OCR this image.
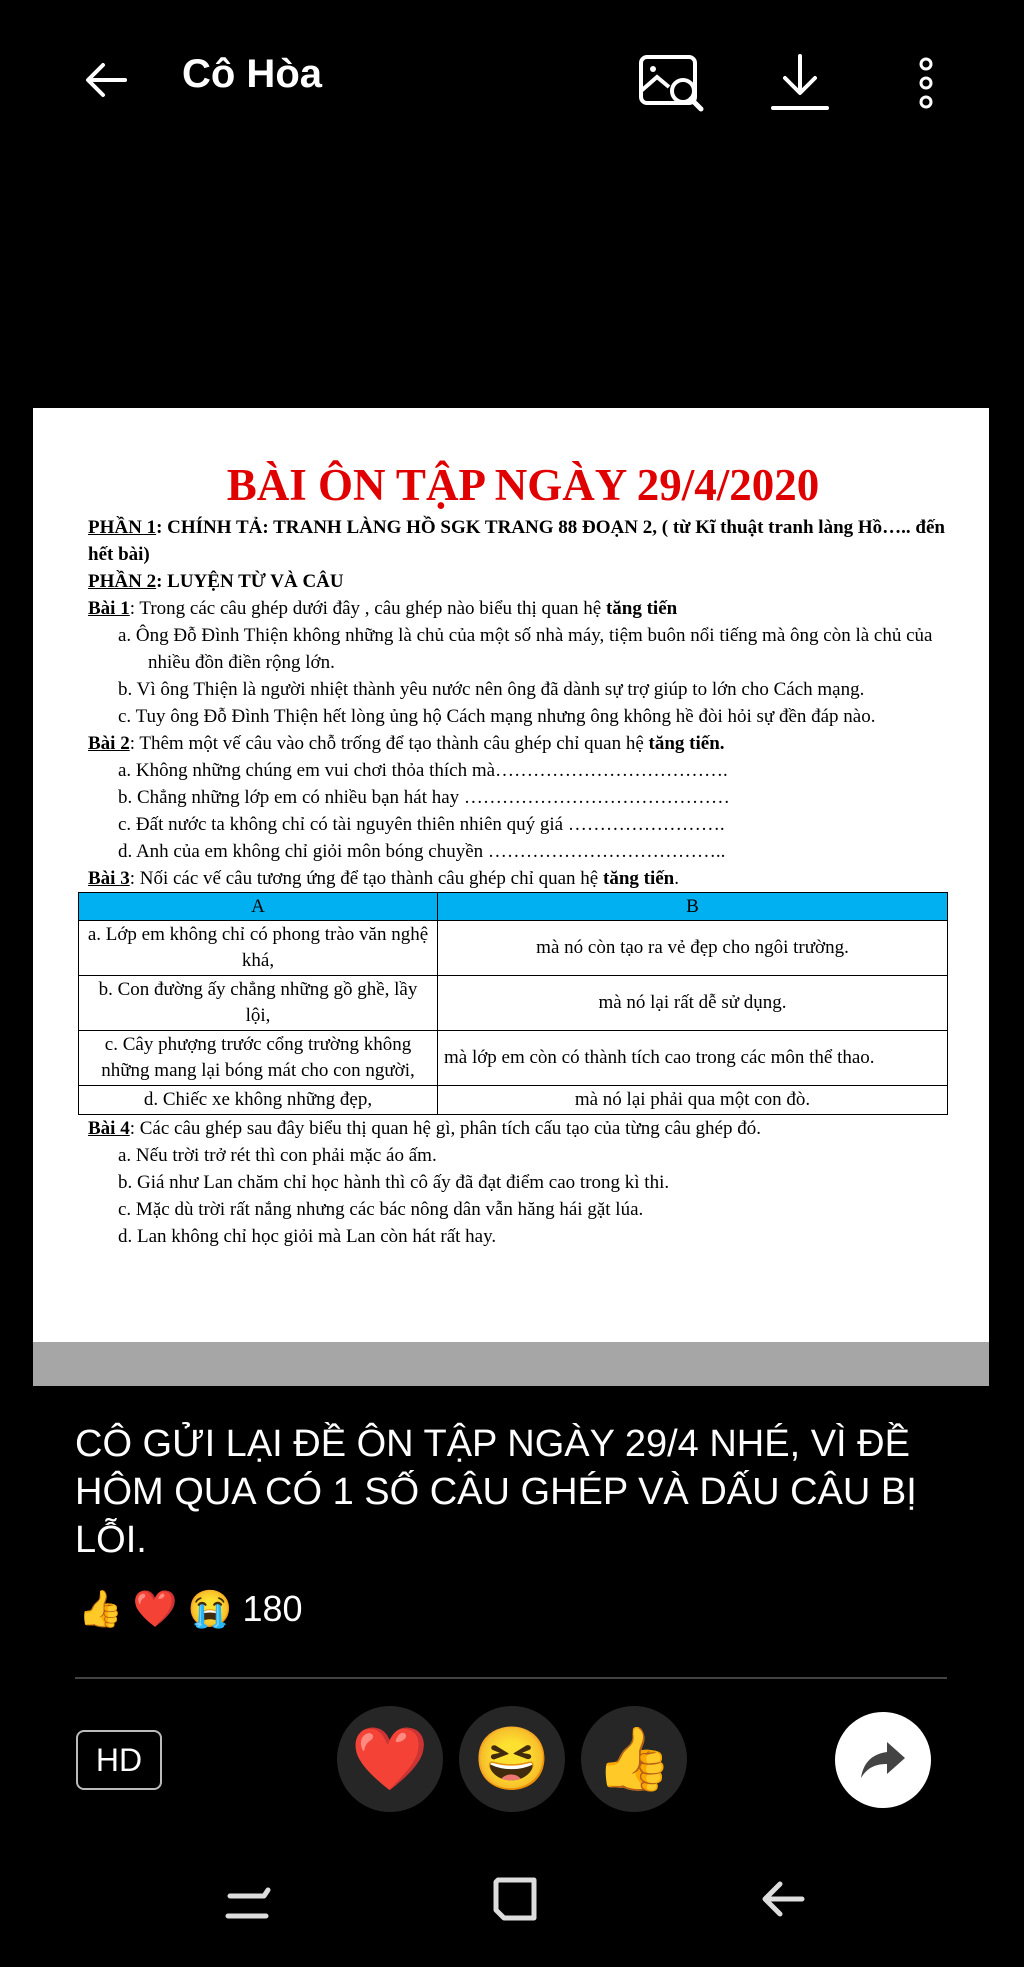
Cô Hòa
BÀI ÔN TẬP NGÀY 29/4/2020
PHẦN 1: CHÍNH TẢ: TRANH LÀNG HỒ SGK TRANG 88 ĐOẠN 2, ( từ Kĩ thuật tranh làng Hồ….. đến hết bài)
PHẦN 2: LUYỆN TỪ VÀ CÂU
Bài 1: Trong các câu ghép dưới đây , câu ghép nào biểu thị quan hệ tăng tiến
a. Ông Đỗ Đình Thiện không những là chủ của một số nhà máy, tiệm buôn nổi tiếng mà ông còn là chủ của nhiều đồn điền rộng lớn.
b. Vì ông Thiện là người nhiệt thành yêu nước nên ông đã dành sự trợ giúp to lớn cho Cách mạng.
c. Tuy ông Đỗ Đình Thiện hết lòng ủng hộ Cách mạng nhưng ông không hề đòi hỏi sự đền đáp nào.
Bài 2: Thêm một vế câu vào chỗ trống để tạo thành câu ghép chỉ quan hệ tăng tiến.
a. Không những chúng em vui chơi thỏa thích mà……………………………….
b. Chẳng những lớp em có nhiều bạn hát hay ……………………………………
c. Đất nước ta không chỉ có tài nguyên thiên nhiên quý giá …………………….
d. Anh của em không chỉ giỏi môn bóng chuyền ………………………………..
Bài 3: Nối các vế câu tương ứng để tạo thành câu ghép chỉ quan hệ tăng tiến.
A	B
a. Lớp em không chỉ có phong trào văn nghệ khá,	mà nó còn tạo ra vẻ đẹp cho ngôi trường.
b. Con đường ấy chẳng những gồ ghề, lầy lội,	mà nó lại rất dễ sử dụng.
c. Cây phượng trước cổng trường không những mang lại bóng mát cho con người,	mà lớp em còn có thành tích cao trong các môn thể thao.
d. Chiếc xe không những đẹp,	mà nó lại phải qua một con đò.
Bài 4: Các câu ghép sau đây biểu thị quan hệ gì, phân tích cấu tạo của từng câu ghép đó.
a. Nếu trời trở rét thì con phải mặc áo ấm.
b. Giá như Lan chăm chỉ học hành thì cô ấy đã đạt điểm cao trong kì thi.
c. Mặc dù trời rất nắng nhưng các bác nông dân vẫn hăng hái gặt lúa.
d. Lan không chỉ học giỏi mà Lan còn hát rất hay.
CÔ GỬI LẠI ĐỀ ÔN TẬP NGÀY 29/4 NHÉ, VÌ ĐỀ HÔM QUA CÓ 1 SỐ CÂU GHÉP VÀ DẤU CÂU BỊ LỖI.
👍 ❤️ 😭 180
HD	❤️ 😆 👍
